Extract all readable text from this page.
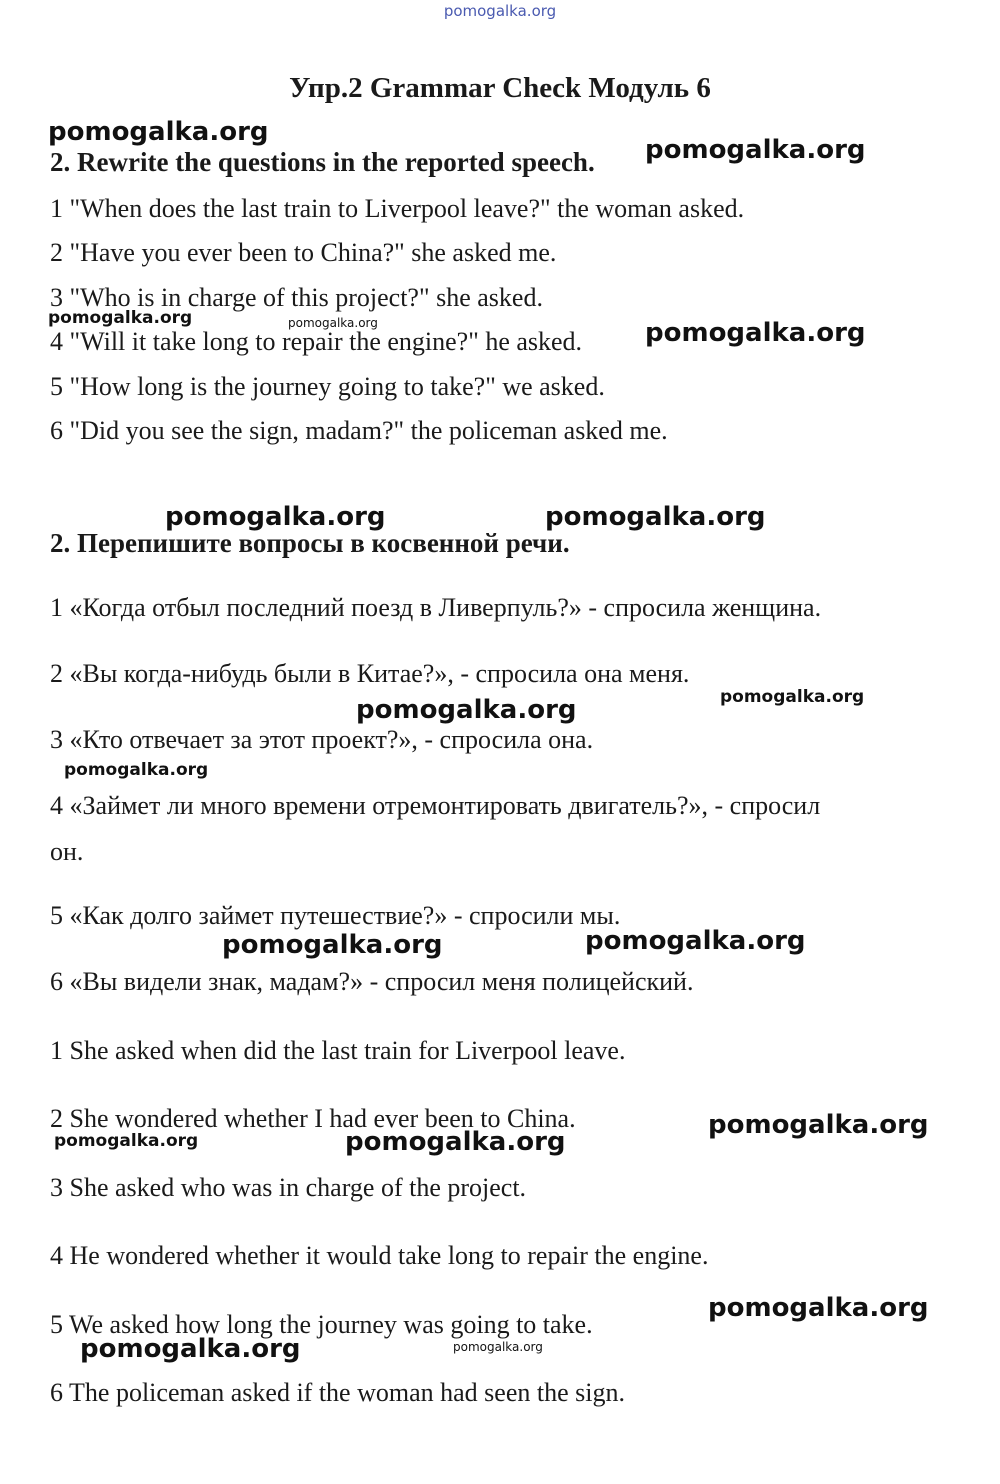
pomogalka.org
Упр.2 Grammar Check Модуль 6
2. Rewrite the questions in the reported speech.
1 "When does the last train to Liverpool leave?" the woman asked.
2 "Have you ever been to China?" she asked me.
3 "Who is in charge of this project?" she asked.
4 "Will it take long to repair the engine?" he asked.
5 "How long is the journey going to take?" we asked.
6 "Did you see the sign, madam?" the policeman asked me.
2. Перепишите вопросы в косвенной речи.
1 «Когда отбыл последний поезд в Ливерпуль?» - спросила женщина.
2 «Вы когда-нибудь были в Китае?», - спросила она меня.
3 «Кто отвечает за этот проект?», - спросила она.
4 «Займет ли много времени отремонтировать двигатель?», - спросил
он.
5 «Как долго займет путешествие?» - спросили мы.
6 «Вы видели знак, мадам?» - спросил меня полицейский.
1 She asked when did the last train for Liverpool leave.
2 She wondered whether I had ever been to China.
3 She asked who was in charge of the project.
4 He wondered whether it would take long to repair the engine.
5 We asked how long the journey was going to take.
6 The policeman asked if the woman had seen the sign.
pomogalka.org
pomogalka.org
pomogalka.org	pomogalka.org	pomogalka.org
pomogalka.org	pomogalka.org
pomogalka.org
pomogalka.org
pomogalka.org
pomogalka.org	pomogalka.org
pomogalka.org
pomogalka.org	pomogalka.org
pomogalka.org
pomogalka.org	pomogalka.org
